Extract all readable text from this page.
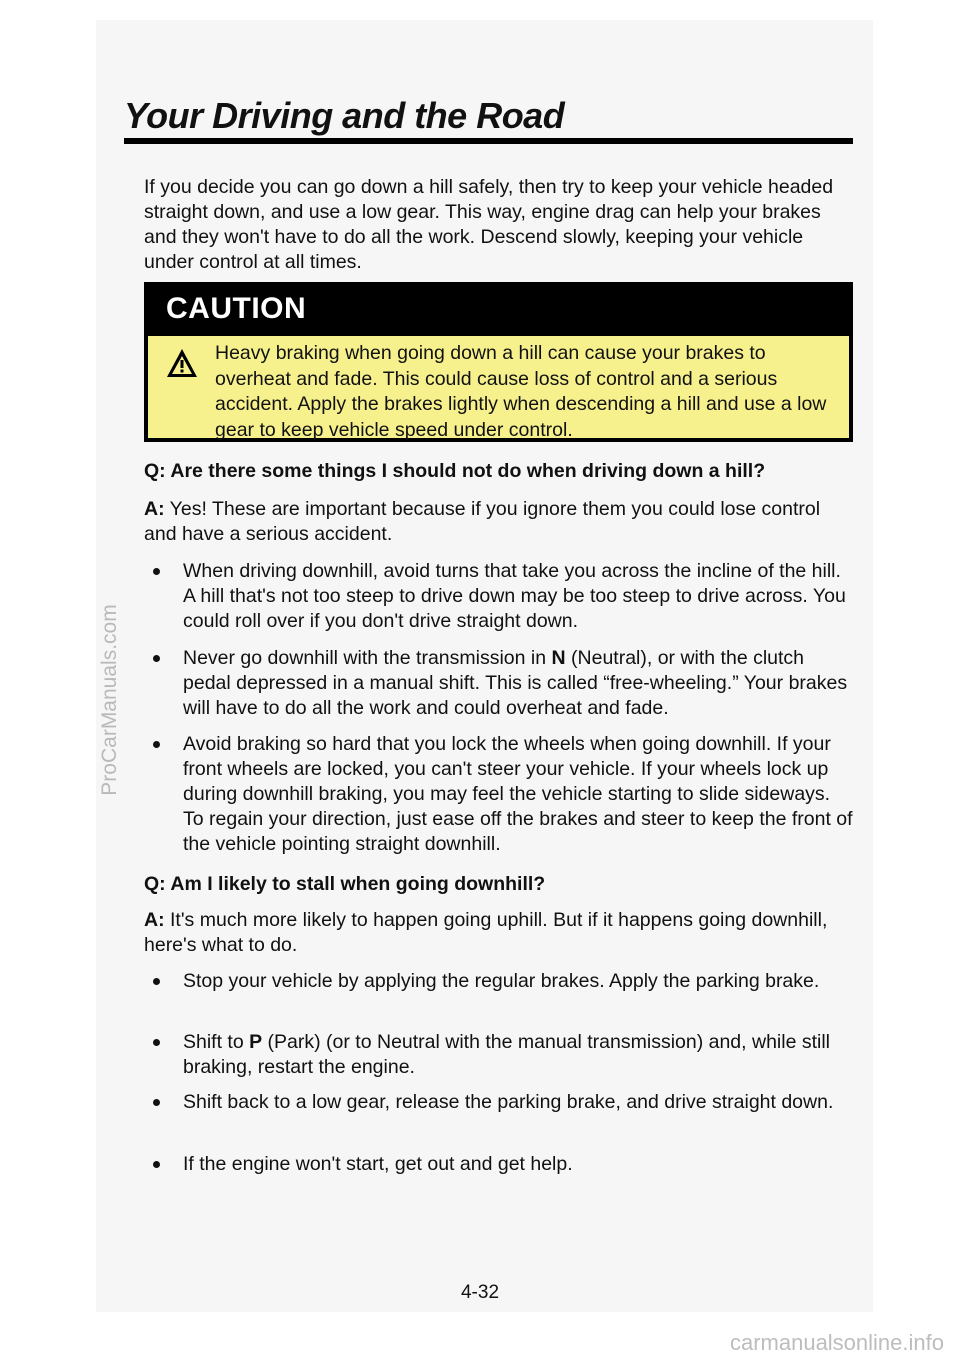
ProCarManuals.com
Your Driving and the Road
If you decide you can go down a hill safely, then try to keep your vehicle headed straight down, and use a low gear. This way, engine drag can help your brakes and they won't have to do all the work. Descend slowly, keeping your vehicle under control at all times.
CAUTION
Heavy braking when going down a hill can cause your brakes to overheat and fade. This could cause loss of control and a serious accident. Apply the brakes lightly when descending a hill and use a low gear to keep vehicle speed under control.
Q: Are there some things I should not do when driving down a hill?
A: Yes! These are important because if you ignore them you could lose control and have a serious accident.
When driving downhill, avoid turns that take you across the incline of the hill. A hill that's not too steep to drive down may be too steep to drive across. You could roll over if you don't drive straight down.
Never go downhill with the transmission in N (Neutral), or with the clutch pedal depressed in a manual shift. This is called “free-wheeling.” Your brakes will have to do all the work and could overheat and fade.
Avoid braking so hard that you lock the wheels when going downhill. If your front wheels are locked, you can't steer your vehicle. If your wheels lock up during downhill braking, you may feel the vehicle starting to slide sideways. To regain your direction, just ease off the brakes and steer to keep the front of the vehicle pointing straight downhill.
Q: Am I likely to stall when going downhill?
A: It's much more likely to happen going uphill. But if it happens going downhill, here's what to do.
Stop your vehicle by applying the regular brakes. Apply the parking brake.
Shift to P (Park) (or to Neutral with the manual transmission) and, while still braking, restart the engine.
Shift back to a low gear, release the parking brake, and drive straight down.
If the engine won't start, get out and get help.
4-32
carmanualsonline.info
